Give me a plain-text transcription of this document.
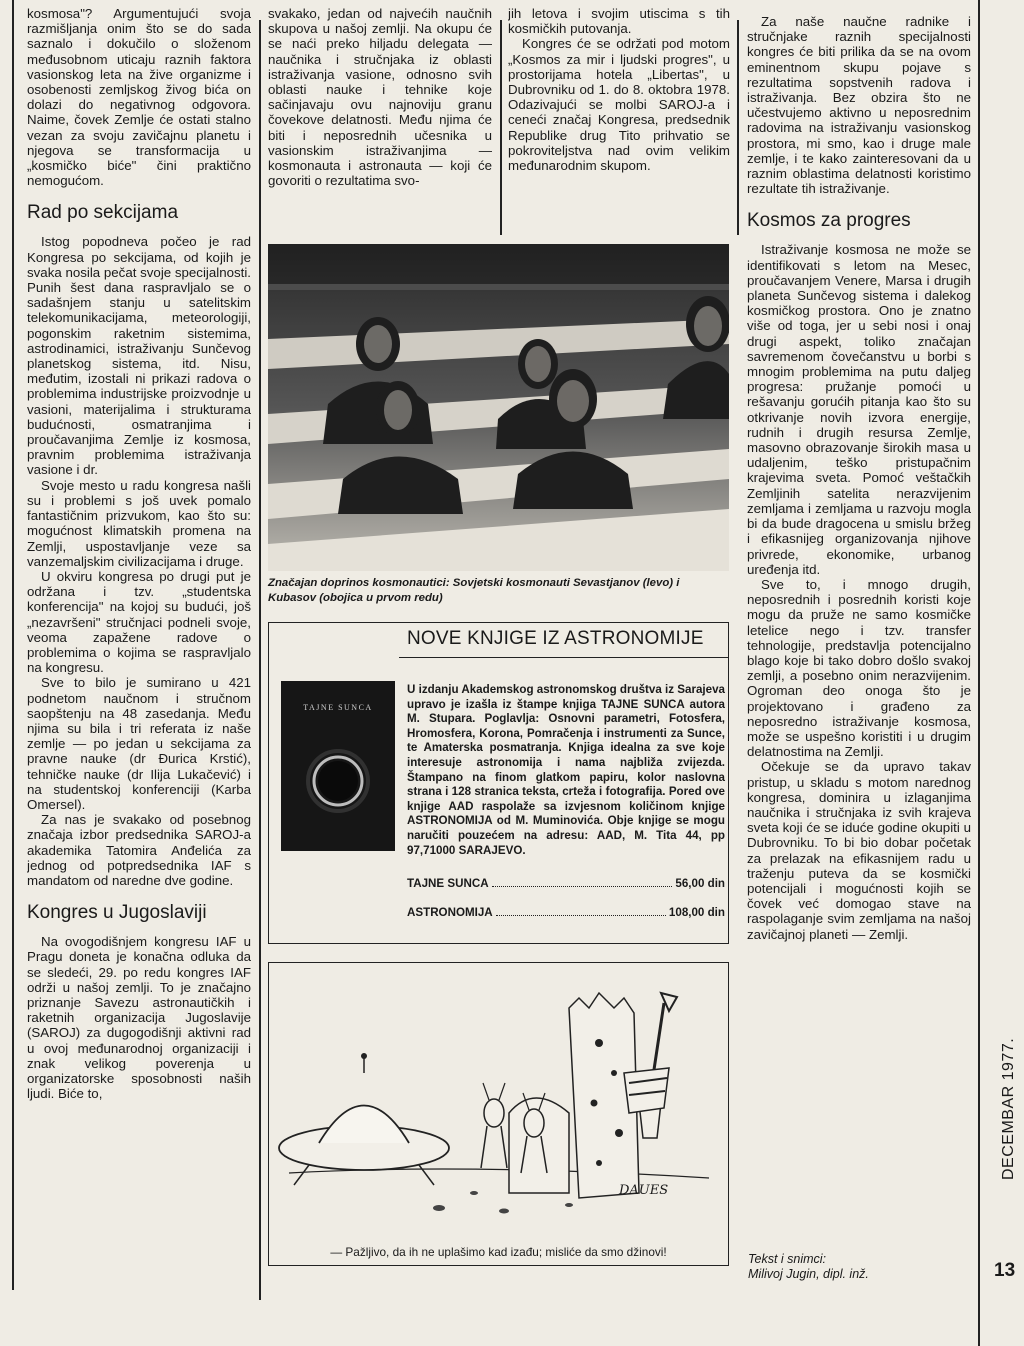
kosmosa"? Argumentujući svoja razmišljanja onim što se do sada saznalo i dokučilo o složenom međusobnom uticaju raznih faktora vasionskog leta na žive organizme i osobenosti zemljskog živog bića on dolazi do negativnog odgovora. Naime, čovek Zemlje će ostati stalno vezan za svoju zavičajnu planetu i njegova se transformacija u „kosmičko biće" čini praktično nemogućom.

Rad po sekcijama

Istog popodneva počeo je rad Kongresa po sekcijama, od kojih je svaka nosila pečat svoje specijalnosti. Punih šest dana raspravljalo se o sadašnjem stanju u satelitskim telekomunikacijama, meteorologiji, pogonskim raketnim sistemima, astrodinamici, istraživanju Sunčevog planetskog sistema, itd. Nisu, međutim, izostali ni prikazi radova o problemima industrijske proizvodnje u vasioni, materijalima i strukturama budućnosti, osmatranjima i proučavanjima Zemlje iz kosmosa, pravnim problemima istraživanja vasione i dr.

Svoje mesto u radu kongresa našli su i problemi s još uvek pomalo fantastičnim prizvukom, kao što su: mogućnost klimatskih promena na Zemlji, uspostavljanje veze sa vanzemaljskim civilizacijama i druge.

U okviru kongresa po drugi put je održana i tzv. „studentska konferencija" na kojoj su budući, još „nezavršeni" stručnjaci podneli svoje, veoma zapažene radove o problemima o kojima se raspravljalo na kongresu.

Sve to bilo je sumirano u 421 podnetom naučnom i stručnom saopštenju na 48 zasedanja. Među njima su bila i tri referata iz naše zemlje — po jedan u sekcijama za pravne nauke (dr Đurica Krstić), tehničke nauke (dr Ilija Lukačević) i na studentskoj konferenciji (Karba Omersel).

Za nas je svakako od posebnog značaja izbor predsednika SAROJ-a akademika Tatomira Anđelića za jednog od potpredsednika IAF s mandatom od naredne dve godine.

Kongres u Jugoslaviji

Na ovogodišnjem kongresu IAF u Pragu doneta je konačna odluka da se sledeći, 29. po redu kongres IAF održi u našoj zemlji. To je značajno priznanje Savezu astronautičkih i raketnih organizacija Jugoslavije (SAROJ) za dugogodišnji aktivni rad u ovoj međunarodnoj organizaciji i znak velikog poverenja u organizatorske sposobnosti naših ljudi. Biće to,

svakako, jedan od najvećih naučnih skupova u našoj zemlji. Na okupu će se naći preko hiljadu delegata — naučnika i stručnjaka iz oblasti istraživanja vasione, odnosno svih oblasti nauke i tehnike koje sačinjavaju ovu najnoviju granu čovekove delatnosti. Među njima će biti i neposrednih učesnika u vasionskim istraživanjima — kosmonauta i astronauta — koji će govoriti o rezultatima svo-

jih letova i svojim utiscima s tih kosmičkih putovanja.

Kongres će se održati pod motom „Kosmos za mir i ljudski progres", u prostorijama hotela „Libertas", u Dubrovniku od 1. do 8. oktobra 1978. Odazivajući se molbi SAROJ-a i ceneći značaj Kongresa, predsednik Republike drug Tito prihvatio se pokroviteljstva nad ovim velikim međunarodnim skupom.

Za naše naučne radnike i stručnjake raznih specijalnosti kongres će biti prilika da se na ovom eminentnom skupu pojave s rezultatima sopstvenih radova i istraživanja. Bez obzira što ne učestvujemo aktivno u neposrednim radovima na istraživanju vasionskog prostora, mi smo, kao i druge male zemlje, i te kako zainteresovani da u raznim oblastima delatnosti koristimo rezultate tih istraživanje.

Kosmos za progres

Istraživanje kosmosa ne može se identifikovati s letom na Mesec, proučavanjem Venere, Marsa i drugih planeta Sunčevog sistema i dalekog kosmičkog prostora. Ono je znatno više od toga, jer u sebi nosi i onaj drugi aspekt, toliko značajan savremenom čovečanstvu u borbi s mnogim problemima na putu daljeg progresa: pružanje pomoći u rešavanju gorućih pitanja kao što su otkrivanje novih izvora energije, rudnih i drugih resursa Zemlje, masovno obrazovanje širokih masa u udaljenim, teško pristupačnim krajevima sveta. Pomoć veštačkih Zemljinih satelita nerazvijenim zemljama i zemljama u razvoju mogla bi da bude dragocena u smislu bržeg i efikasnijeg organizovanja njihove privrede, ekonomike, urbanog uređenja itd.

Sve to, i mnogo drugih, neposrednih i posrednih koristi koje mogu da pruže ne samo kosmičke letelice nego i tzv. transfer tehnologije, predstavlja potencijalno blago koje bi tako dobro došlo svakoj zemlji, a posebno onim nerazvijenim. Ogroman deo onoga što je projektovano i građeno za neposredno istraživanje kosmosa, može se uspešno koristiti i u drugim delatnostima na Zemlji.

Očekuje se da upravo takav pristup, u skladu s motom narednog kongresa, dominira u izlaganjima naučnika i stručnjaka iz svih krajeva sveta koji će se iduće godine okupiti u Dubrovniku. To bi bio dobar početak za prelazak na efikasnijem radu u traženju puteva da se kosmički potencijali i mogućnosti kojih se čovek već domogao stave na raspolaganje svim zemljama na našoj zavičajnoj planeti — Zemlji.

Značajan doprinos kosmonautici: Sovjetski kosmonauti Sevastjanov (levo) i Kubasov (obojica u prvom redu)
NOVE KNJIGE IZ ASTRONOMIJE
TAJNE SUNCA
U izdanju Akademskog astronomskog društva iz Sarajeva upravo je izašla iz štampe knjiga TAJNE SUNCA autora M. Stupara. Poglavlja: Osnovni parametri, Fotosfera, Hromosfera, Korona, Pomračenja i instrumenti za Sunce, te Amaterska posmatranja. Knjiga idealna za sve koje interesuje astronomija i nama najbliža zvijezda. Štampano na finom glatkom papiru, kolor naslovna strana i 128 stranica teksta, crteža i fotografija. Pored ove knjige AAD raspolaže sa izvjesnom količinom knjige ASTRONOMIJA od M. Muminovića. Obje knjige se mogu naručiti pouzećem na adresu: AAD, M. Tita 44, pp 97,71000 SARAJEVO.
TAJNE SUNCA	56,00 din
ASTRONOMIJA	108,00 din
DAUES
— Pažljivo, da ih ne uplašimo kad izađu; misliće da smo džinovi!	Tekst i snimci:
Milivoj Jugin, dipl. inž.
DECEMBAR 1977.
13
